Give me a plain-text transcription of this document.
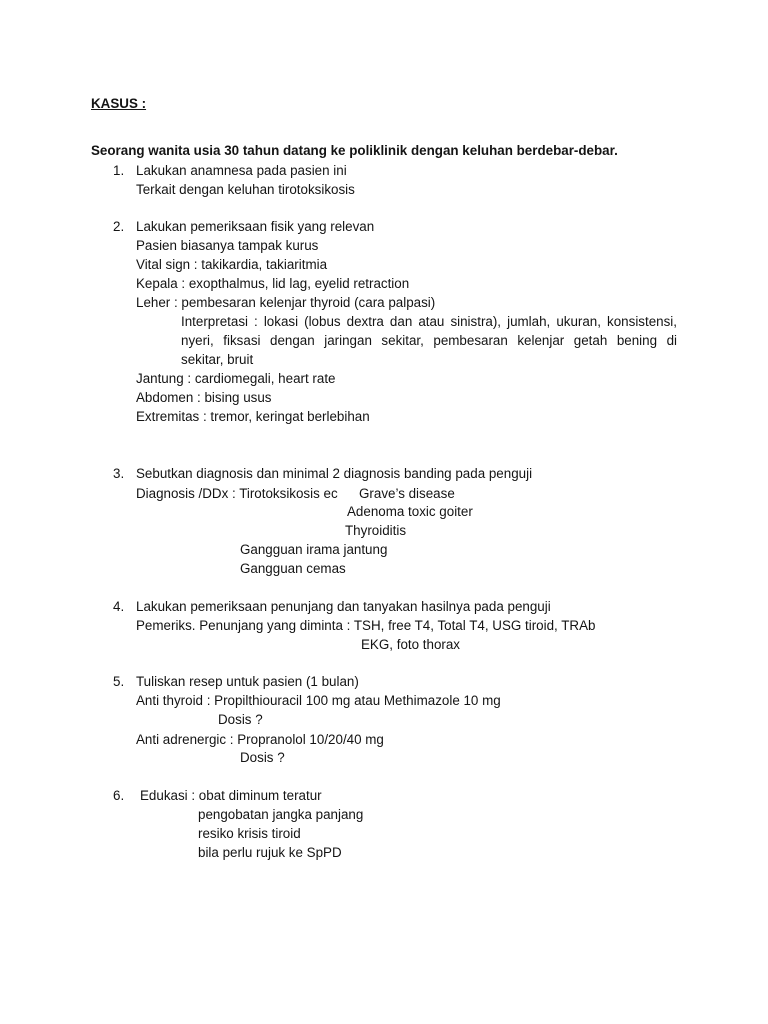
KASUS :
Seorang wanita usia 30 tahun datang ke poliklinik dengan keluhan berdebar-debar.
1. Lakukan anamnesa pada pasien ini
Terkait dengan keluhan tirotoksikosis
2. Lakukan pemeriksaan fisik yang relevan
Pasien biasanya tampak kurus
Vital sign : takikardia, takiaritmia
Kepala : exopthalmus, lid lag, eyelid retraction
Leher : pembesaran kelenjar thyroid (cara palpasi)
Interpretasi : lokasi (lobus dextra dan atau sinistra), jumlah, ukuran, konsistensi,
nyeri, fiksasi dengan jaringan sekitar, pembesaran kelenjar getah bening di
sekitar, bruit
Jantung : cardiomegali, heart rate
Abdomen : bising usus
Extremitas : tremor, keringat berlebihan
3. Sebutkan diagnosis dan minimal 2 diagnosis banding pada penguji
Diagnosis /DDx : Tirotoksikosis ec Grave’s disease
Adenoma toxic goiter
Thyroiditis
Gangguan irama jantung
Gangguan cemas
4. Lakukan pemeriksaan penunjang dan tanyakan hasilnya pada penguji
Pemeriks. Penunjang yang diminta : TSH, free T4, Total T4, USG tiroid, TRAb
EKG, foto thorax
5. Tuliskan resep untuk pasien (1 bulan)
Anti thyroid : Propilthiouracil 100 mg atau Methimazole 10 mg
Dosis ?
Anti adrenergic : Propranolol 10/20/40 mg
Dosis ?
6. Edukasi : obat diminum teratur
pengobatan jangka panjang
resiko krisis tiroid
bila perlu rujuk ke SpPD
